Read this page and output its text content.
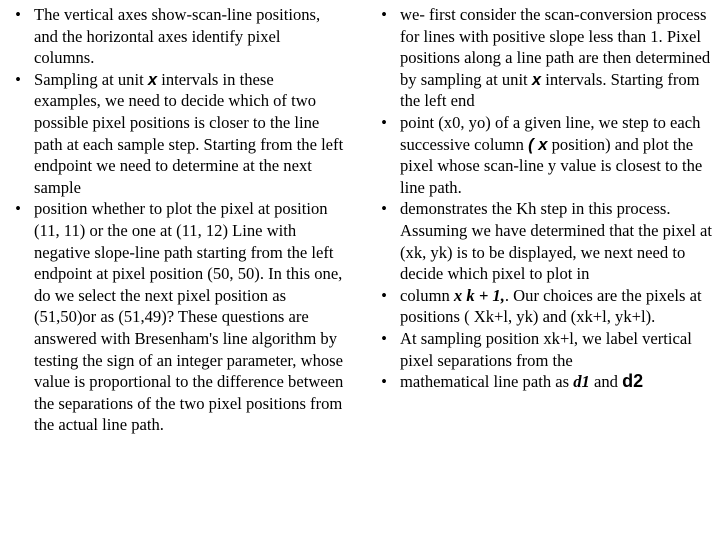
• The vertical axes show-scan-line positions, and the horizontal axes identify pixel columns.
• Sampling at unit x intervals in these examples, we need to decide which of two possible pixel positions is closer to the line path at each sample step. Starting from the left endpoint we need to determine at the next sample
• position whether to plot the pixel at position (11, 11) or the one at (11, 12) Line with negative slope-line path starting from the left endpoint at pixel position (50, 50). In this one, do we select the next pixel position as (51,50)or as (51,49)? These questions are answered with Bresenham's line algorithm by testing the sign of an integer parameter, whose value is proportional to the difference between the separations of the two pixel positions from the actual line path.
• we- first consider the scan-conversion process for lines with positive slope less than 1. Pixel positions along a line path are then determined by sampling at unit x intervals. Starting from the left end
• point (x0, yo) of a given line, we step to each successive column ( x position) and plot the pixel whose scan-line y value is closest to the line path.
• demonstrates the Kh step in this process. Assuming we have determined that the pixel at (xk, yk) is to be displayed, we next need to decide which pixel to plot in
• column x k + 1,. Our choices are the pixels at positions ( Xk+l, yk) and (xk+l, yk+l).
• At sampling position xk+l, we label vertical pixel separations from the
• mathematical line path as d1 and d2
